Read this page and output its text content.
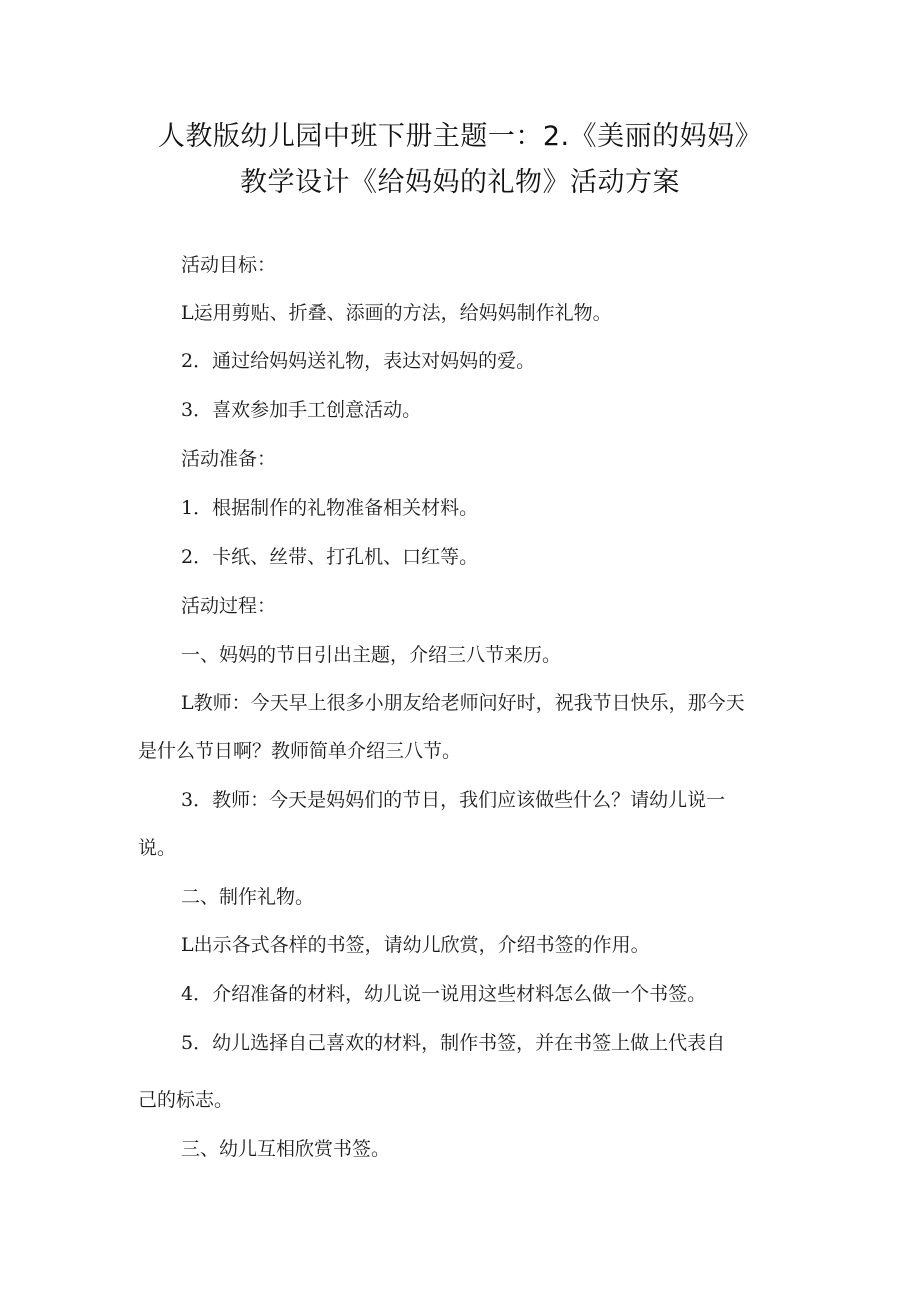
人教版幼儿园中班下册主题一：2.《美丽的妈妈》
教学设计《给妈妈的礼物》活动方案
活动目标：
L运用剪贴、折叠、添画的方法，给妈妈制作礼物。
2．通过给妈妈送礼物，表达对妈妈的爱。
3．喜欢参加手工创意活动。
活动准备：
1．根据制作的礼物准备相关材料。
2．卡纸、丝带、打孔机、口红等。
活动过程：
一、妈妈的节日引出主题，介绍三八节来历。
L教师：今天早上很多小朋友给老师问好时，祝我节日快乐，那今天
是什么节日啊？教师简单介绍三八节。
3．教师：今天是妈妈们的节日，我们应该做些什么？请幼儿说一
说。
二、制作礼物。
L出示各式各样的书签，请幼儿欣赏，介绍书签的作用。
4．介绍准备的材料，幼儿说一说用这些材料怎么做一个书签。
5．幼儿选择自己喜欢的材料，制作书签，并在书签上做上代表自
己的标志。
三、幼儿互相欣赏书签。
